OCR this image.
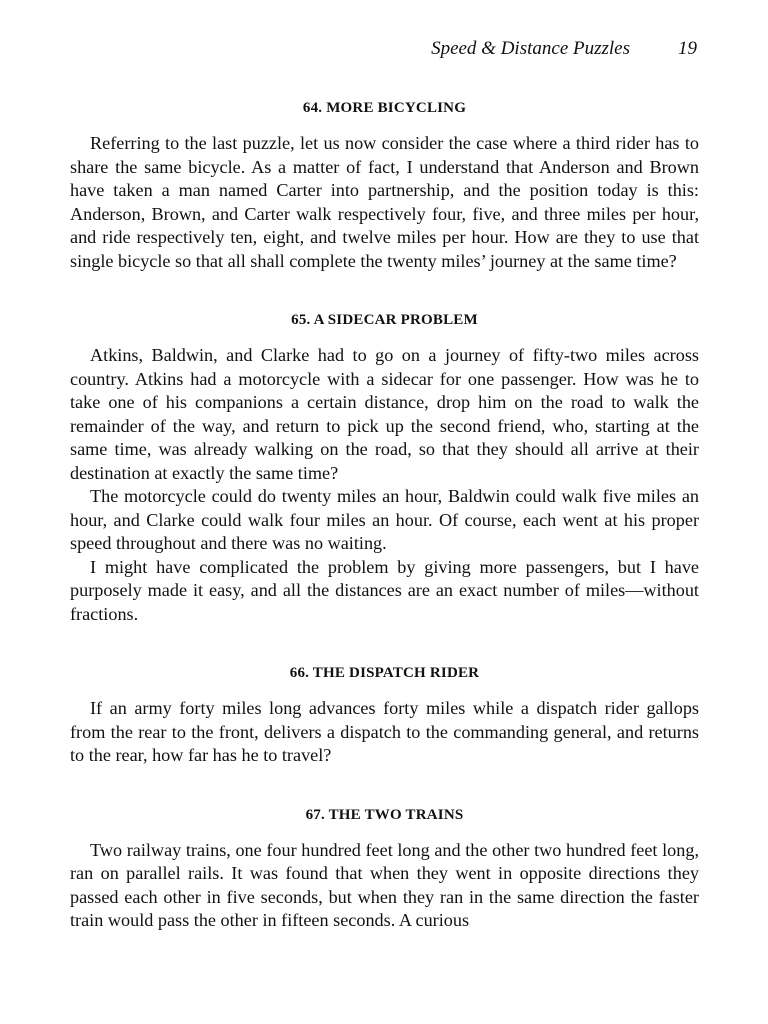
Speed & Distance Puzzles	19
64. MORE BICYCLING

Referring to the last puzzle, let us now consider the case where a third rider has to share the same bicycle. As a matter of fact, I understand that Anderson and Brown have taken a man named Carter into partnership, and the position today is this: Anderson, Brown, and Carter walk respectively four, five, and three miles per hour, and ride respectively ten, eight, and twelve miles per hour. How are they to use that single bicycle so that all shall complete the twenty miles’ journey at the same time?

65. A SIDECAR PROBLEM

Atkins, Baldwin, and Clarke had to go on a journey of fifty-two miles across country. Atkins had a motorcycle with a sidecar for one passenger. How was he to take one of his companions a certain distance, drop him on the road to walk the remainder of the way, and return to pick up the second friend, who, starting at the same time, was already walking on the road, so that they should all arrive at their destination at exactly the same time?

The motorcycle could do twenty miles an hour, Baldwin could walk five miles an hour, and Clarke could walk four miles an hour. Of course, each went at his proper speed throughout and there was no waiting.

I might have complicated the problem by giving more passengers, but I have purposely made it easy, and all the distances are an exact number of miles—without fractions.

66. THE DISPATCH RIDER

If an army forty miles long advances forty miles while a dispatch rider gallops from the rear to the front, delivers a dispatch to the commanding general, and returns to the rear, how far has he to travel?

67. THE TWO TRAINS

Two railway trains, one four hundred feet long and the other two hundred feet long, ran on parallel rails. It was found that when they went in opposite directions they passed each other in five seconds, but when they ran in the same direction the faster train would pass the other in fifteen seconds. A curious
